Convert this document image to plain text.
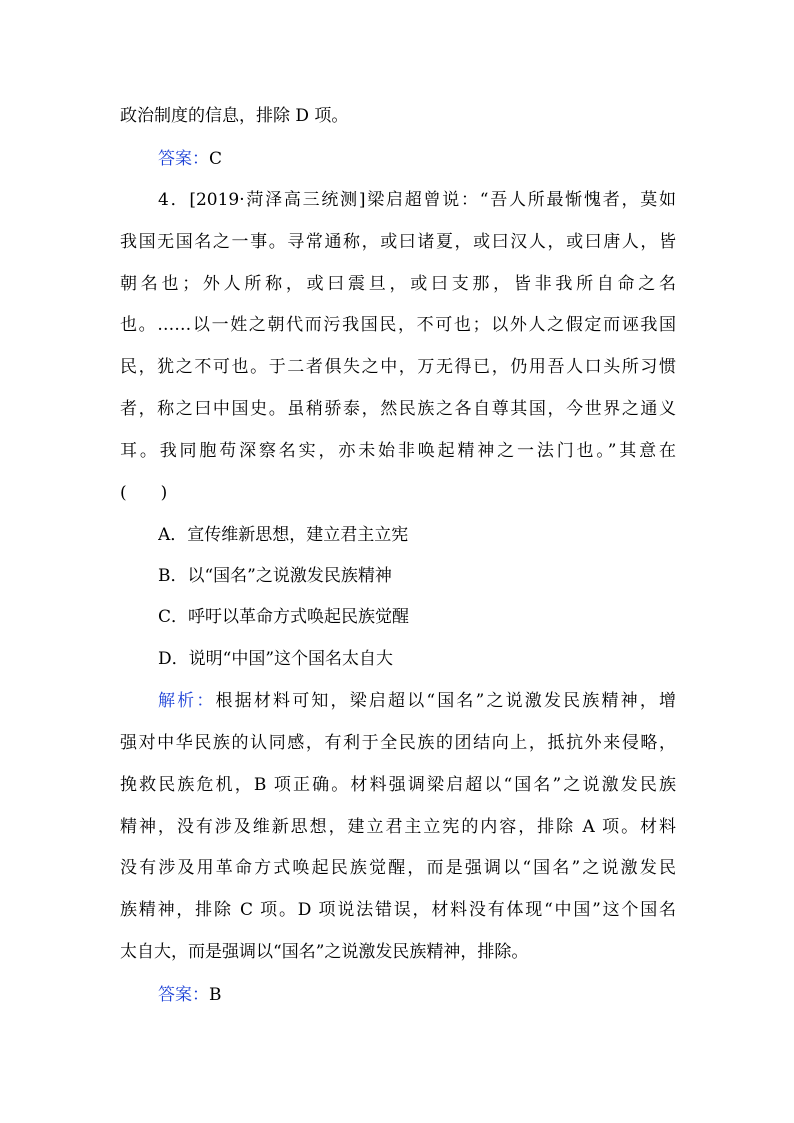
政治制度的信息，排除 D 项。
答案：C
4．[2019·菏泽高三统测]梁启超曾说：“吾人所最惭愧者，莫如
我国无国名之一事。寻常通称，或曰诸夏，或曰汉人，或曰唐人，皆
朝名也；外人所称，或曰震旦，或曰支那，皆非我所自命之名
也。……以一姓之朝代而污我国民，不可也；以外人之假定而诬我国
民，犹之不可也。于二者俱失之中，万无得已，仍用吾人口头所习惯
者，称之曰中国史。虽稍骄泰，然民族之各自尊其国，今世界之通义
耳。我同胞苟深察名实，亦未始非唤起精神之一法门也。”其意在
(　　)
A．宣传维新思想，建立君主立宪
B．以“国名”之说激发民族精神
C．呼吁以革命方式唤起民族觉醒
D．说明“中国”这个国名太自大
解析：根据材料可知，梁启超以“国名”之说激发民族精神，增
强对中华民族的认同感，有利于全民族的团结向上，抵抗外来侵略，
挽救民族危机，B 项正确。材料强调梁启超以“国名”之说激发民族
精神，没有涉及维新思想，建立君主立宪的内容，排除 A 项。材料
没有涉及用革命方式唤起民族觉醒，而是强调以“国名”之说激发民
族精神，排除 C 项。D 项说法错误，材料没有体现“中国”这个国名
太自大，而是强调以“国名”之说激发民族精神，排除。
答案：B
